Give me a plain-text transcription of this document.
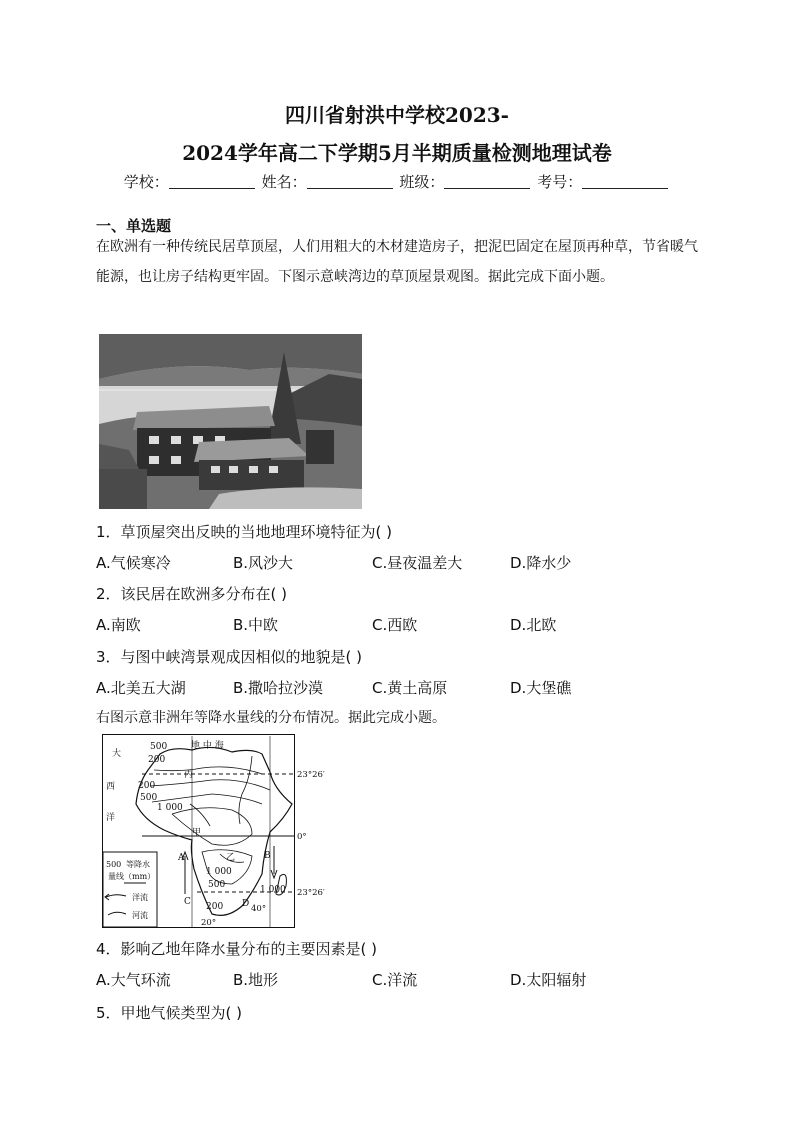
四川省射洪中学校2023-
2024学年高二下学期5月半期质量检测地理试卷
学校：	姓名：	班级：	考号：
一、单选题
在欧洲有一种传统民居草顶屋，人们用粗大的木材建造房子，把泥巴固定在屋顶再种草，节省暖气能源，也让房子结构更牢固。下图示意峡湾边的草顶屋景观图。据此完成下面小题。
1．草顶屋突出反映的当地地理环境特征为( )
A.气候寒冷	B.风沙大	C.昼夜温差大	D.降水少
2．该民居在欧洲多分布在( )
A.南欧	B.中欧	C.西欧	D.北欧
3．与图中峡湾景观成因相似的地貌是( )
A.北美五大湖	B.撒哈拉沙漠	C.黄土高原	D.大堡礁
右图示意非洲年等降水量线的分布情况。据此完成小题。
大
西
洋
地 中 海
23°26′
0°
23°26′
40°
20°
丙
甲
乙
A	B
C	D
500
200
200
500
1 000
1 000
500
200
1 000
500 等降水
量线（mm）
洋流
河流
4．影响乙地年降水量分布的主要因素是( )
A.大气环流	B.地形	C.洋流	D.太阳辐射
5．甲地气候类型为( )
